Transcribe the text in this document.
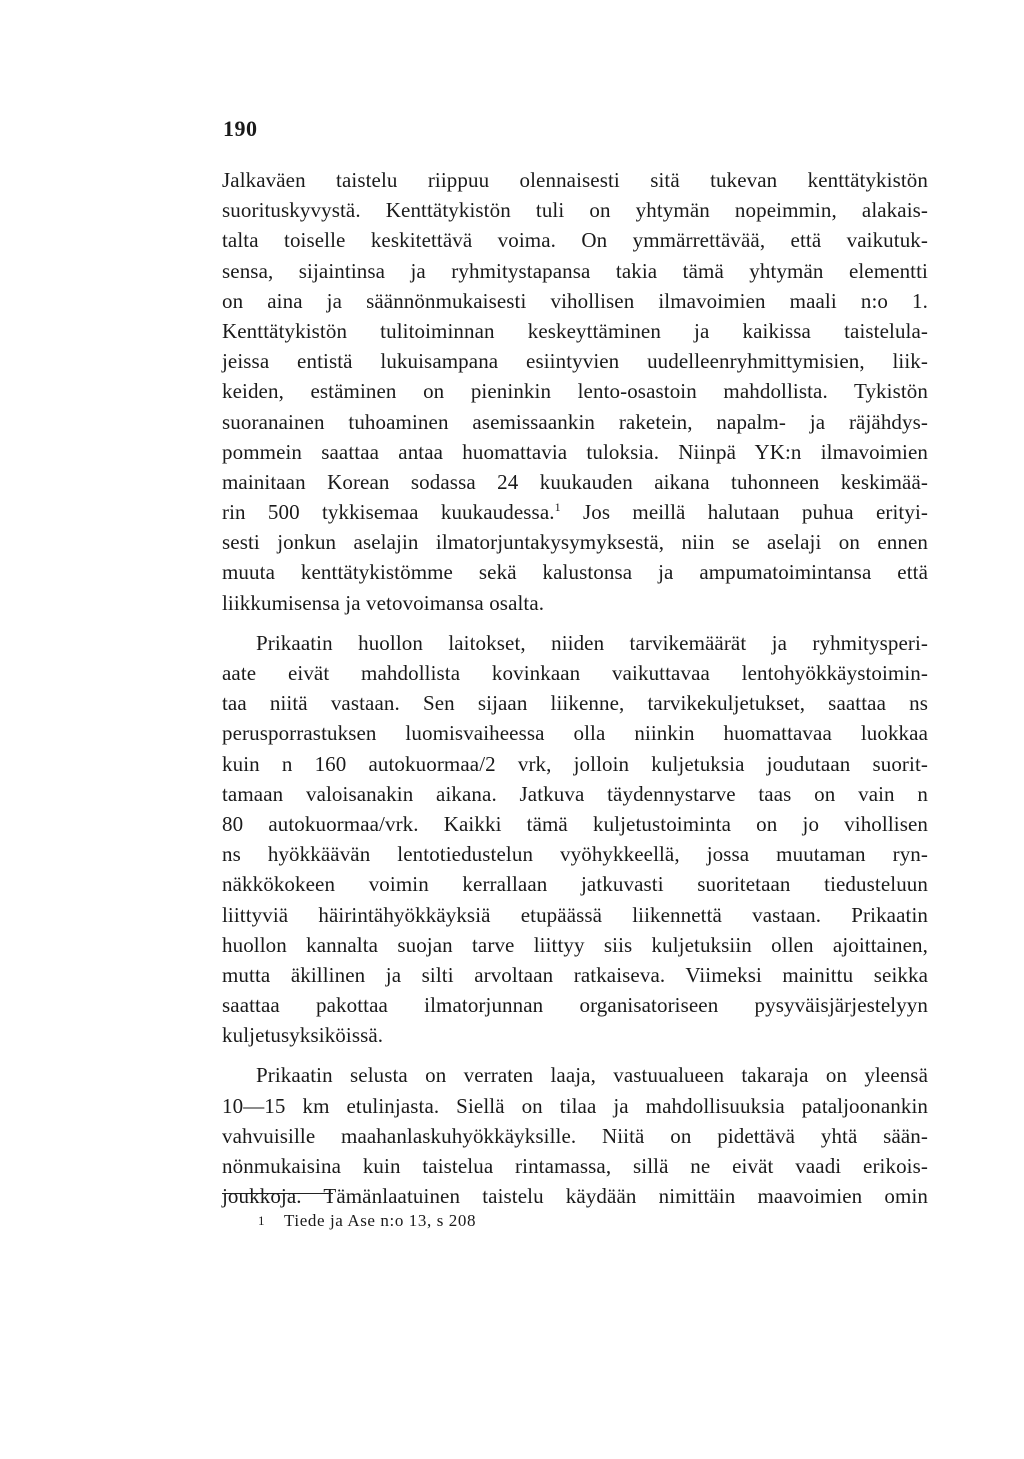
190
Jalkaväen taistelu riippuu olennaisesti sitä tukevan kenttätykistön
suorituskyvystä. Kenttätykistön tuli on yhtymän nopeimmin, alakais-
talta toiselle keskitettävä voima. On ymmärrettävää, että vaikutuk-
sensa, sijaintinsa ja ryhmitystapansa takia tämä yhtymän elementti
on aina ja säännönmukaisesti vihollisen ilmavoimien maali n:o 1.
Kenttätykistön tulitoiminnan keskeyttäminen ja kaikissa taistelula-
jeissa entistä lukuisampana esiintyvien uudelleenryhmittymisien, liik-
keiden, estäminen on pieninkin lento-osastoin mahdollista. Tykistön
suoranainen tuhoaminen asemissaankin raketein, napalm- ja räjähdys-
pommein saattaa antaa huomattavia tuloksia. Niinpä YK:n ilmavoimien
mainitaan Korean sodassa 24 kuukauden aikana tuhonneen keskimää-
rin 500 tykkisemaa kuukaudessa.$^1$ Jos meillä halutaan puhua erityi-
sesti jonkun aselajin ilmatorjuntakysymyksestä, niin se aselaji on ennen
muuta kenttätykistömme sekä kalustonsa ja ampumatoimintansa että
liikkumisensa ja vetovoimansa osalta.
Prikaatin huollon laitokset, niiden tarvikemäärät ja ryhmitysperi-
aate eivät mahdollista kovinkaan vaikuttavaa lentohyökkäystoimin-
taa niitä vastaan. Sen sijaan liikenne, tarvikekuljetukset, saattaa ns
perusporrastuksen luomisvaiheessa olla niinkin huomattavaa luokkaa
kuin n 160 autokuormaa/2 vrk, jolloin kuljetuksia joudutaan suorit-
tamaan valoisanakin aikana. Jatkuva täydennystarve taas on vain n
80 autokuormaa/vrk. Kaikki tämä kuljetustoiminta on jo vihollisen
ns hyökkäävän lentotiedustelun vyöhykkeellä, jossa muutaman ryn-
näkkökokeen voimin kerrallaan jatkuvasti suoritetaan tiedusteluun
liittyviä häirintähyökkäyksiä etupäässä liikennettä vastaan. Prikaatin
huollon kannalta suojan tarve liittyy siis kuljetuksiin ollen ajoittainen,
mutta äkillinen ja silti arvoltaan ratkaiseva. Viimeksi mainittu seikka
saattaa pakottaa ilmatorjunnan organisatoriseen pysyväisjärjestelyyn
kuljetusyksiköissä.
Prikaatin selusta on verraten laaja, vastuualueen takaraja on yleensä
10—15 km etulinjasta. Siellä on tilaa ja mahdollisuuksia pataljoonankin
vahvuisille maahanlaskuhyökkäyksille. Niitä on pidettävä yhtä sään-
nönmukaisina kuin taistelua rintamassa, sillä ne eivät vaadi erikois-
joukkoja. Tämänlaatuinen taistelu käydään nimittäin maavoimien omin
1 Tiede ja Ase n:o 13, s 208
